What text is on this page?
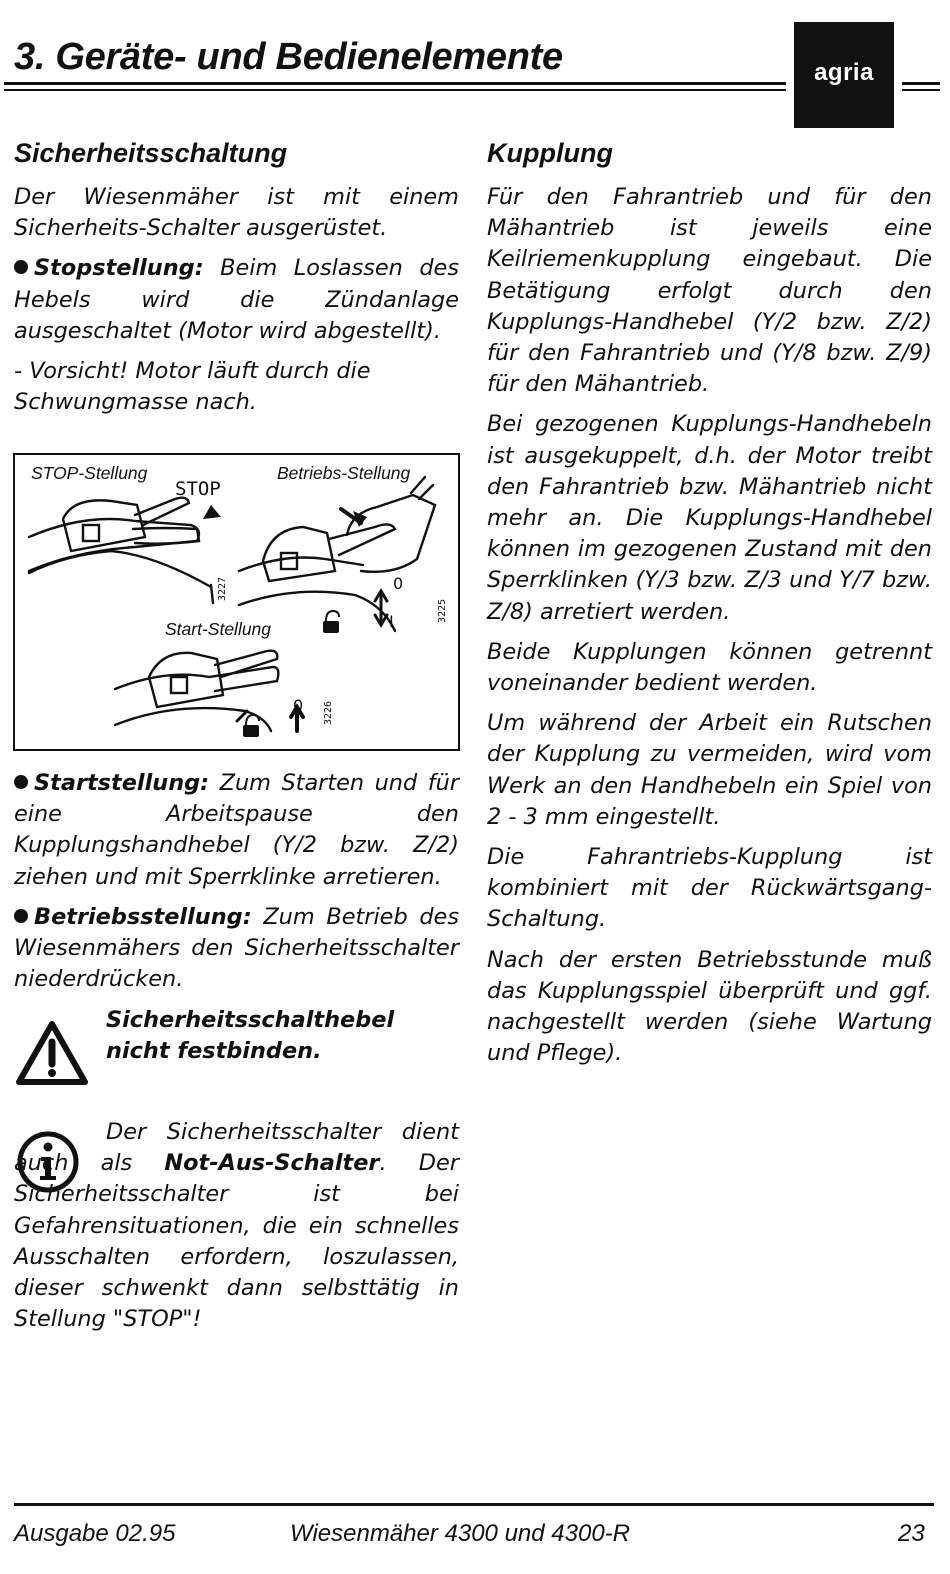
3. Geräte- und Bedienelemente	agria
Sicherheitsschaltung

Der Wiesenmäher ist mit einem Sicherheits-Schalter ausgerüstet.

Stopstellung: Beim Loslassen des Hebels wird die Zündanlage ausgeschaltet (Motor wird abgestellt).

- Vorsicht! Motor läuft durch die Schwungmasse nach.

STOP-Stellung	Betriebs-Stellung
Start-Stellung
STOP
0
I
0
3227
3225
3226

Startstellung: Zum Starten und für eine Arbeitspause den Kupplungshandhebel (Y/2 bzw. Z/2) ziehen und mit Sperrklinke arretieren.

Betriebsstellung: Zum Betrieb des Wiesenmähers den Sicherheitsschalter niederdrücken.

Sicherheitsschalthebel nicht festbinden.
Der Sicherheitsschalter dient auch als Not-Aus-Schalter. Der Sicherheitsschalter ist bei Gefahrensituationen, die ein schnelles Ausschalten erfordern, loszulassen, dieser schwenkt dann selbsttätig in Stellung "STOP"!
Kupplung

Für den Fahrantrieb und für den Mähantrieb ist jeweils eine Keilriemenkupplung eingebaut. Die Betätigung erfolgt durch den Kupplungs-Handhebel (Y/2 bzw. Z/2) für den Fahrantrieb und (Y/8 bzw. Z/9) für den Mähantrieb.

Bei gezogenen Kupplungs-Handhebeln ist ausgekuppelt, d.h. der Motor treibt den Fahrantrieb bzw. Mähantrieb nicht mehr an. Die Kupplungs-Handhebel können im gezogenen Zustand mit den Sperrklinken (Y/3 bzw. Z/3 und Y/7 bzw. Z/8) arretiert werden.

Beide Kupplungen können getrennt voneinander bedient werden.

Um während der Arbeit ein Rutschen der Kupplung zu vermeiden, wird vom Werk an den Handhebeln ein Spiel von 2 - 3 mm eingestellt.

Die Fahrantriebs-Kupplung ist kombiniert mit der Rückwärtsgang-Schaltung.

Nach der ersten Betriebsstunde muß das Kupplungsspiel überprüft und ggf. nachgestellt werden (siehe Wartung und Pflege).

Ausgabe 02.95	Wiesenmäher 4300 und 4300-R	23
